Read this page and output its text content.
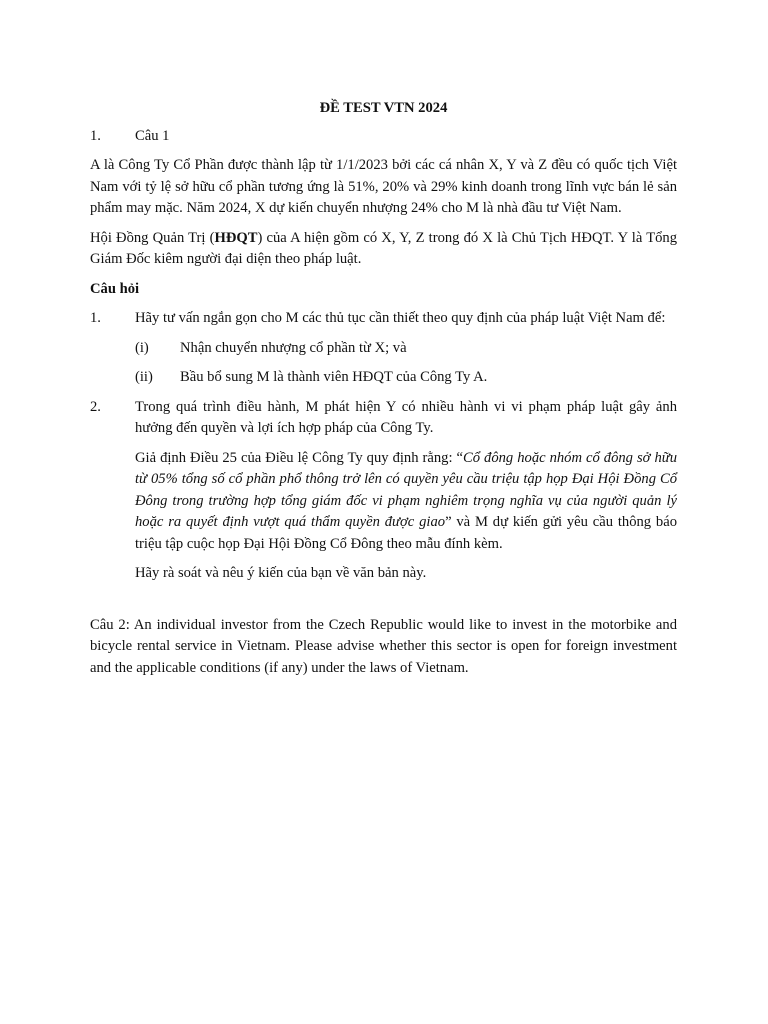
ĐỀ TEST VTN 2024
1.	Câu 1

A là Công Ty Cổ Phần được thành lập từ 1/1/2023 bởi các cá nhân X, Y và Z đều có quốc tịch Việt Nam với tỷ lệ sở hữu cổ phần tương ứng là 51%, 20% và 29% kinh doanh trong lĩnh vực bán lẻ sản phẩm may mặc. Năm 2024, X dự kiến chuyển nhượng 24% cho M là nhà đầu tư Việt Nam.

Hội Đồng Quản Trị (HĐQT) của A hiện gồm có X, Y, Z trong đó X là Chủ Tịch HĐQT. Y là Tổng Giám Đốc kiêm người đại diện theo pháp luật.

Câu hỏi
1.	Hãy tư vấn ngắn gọn cho M các thủ tục cần thiết theo quy định của pháp luật Việt Nam để:
(i)	Nhận chuyển nhượng cổ phần từ X; và
(ii)	Bầu bổ sung M là thành viên HĐQT của Công Ty A.
2.	Trong quá trình điều hành, M phát hiện Y có nhiều hành vi vi phạm pháp luật gây ảnh hưởng đến quyền và lợi ích hợp pháp của Công Ty.

Giả định Điều 25 của Điều lệ Công Ty quy định rằng: “Cổ đông hoặc nhóm cổ đông sở hữu từ 05% tổng số cổ phần phổ thông trở lên có quyền yêu cầu triệu tập họp Đại Hội Đồng Cổ Đông trong trường hợp tổng giám đốc vi phạm nghiêm trọng nghĩa vụ của người quản lý hoặc ra quyết định vượt quá thẩm quyền được giao” và M dự kiến gửi yêu cầu thông báo triệu tập cuộc họp Đại Hội Đồng Cổ Đông theo mẫu đính kèm.

Hãy rà soát và nêu ý kiến của bạn về văn bản này.

Câu 2: An individual investor from the Czech Republic would like to invest in the motorbike and bicycle rental service in Vietnam. Please advise whether this sector is open for foreign investment and the applicable conditions (if any) under the laws of Vietnam.
